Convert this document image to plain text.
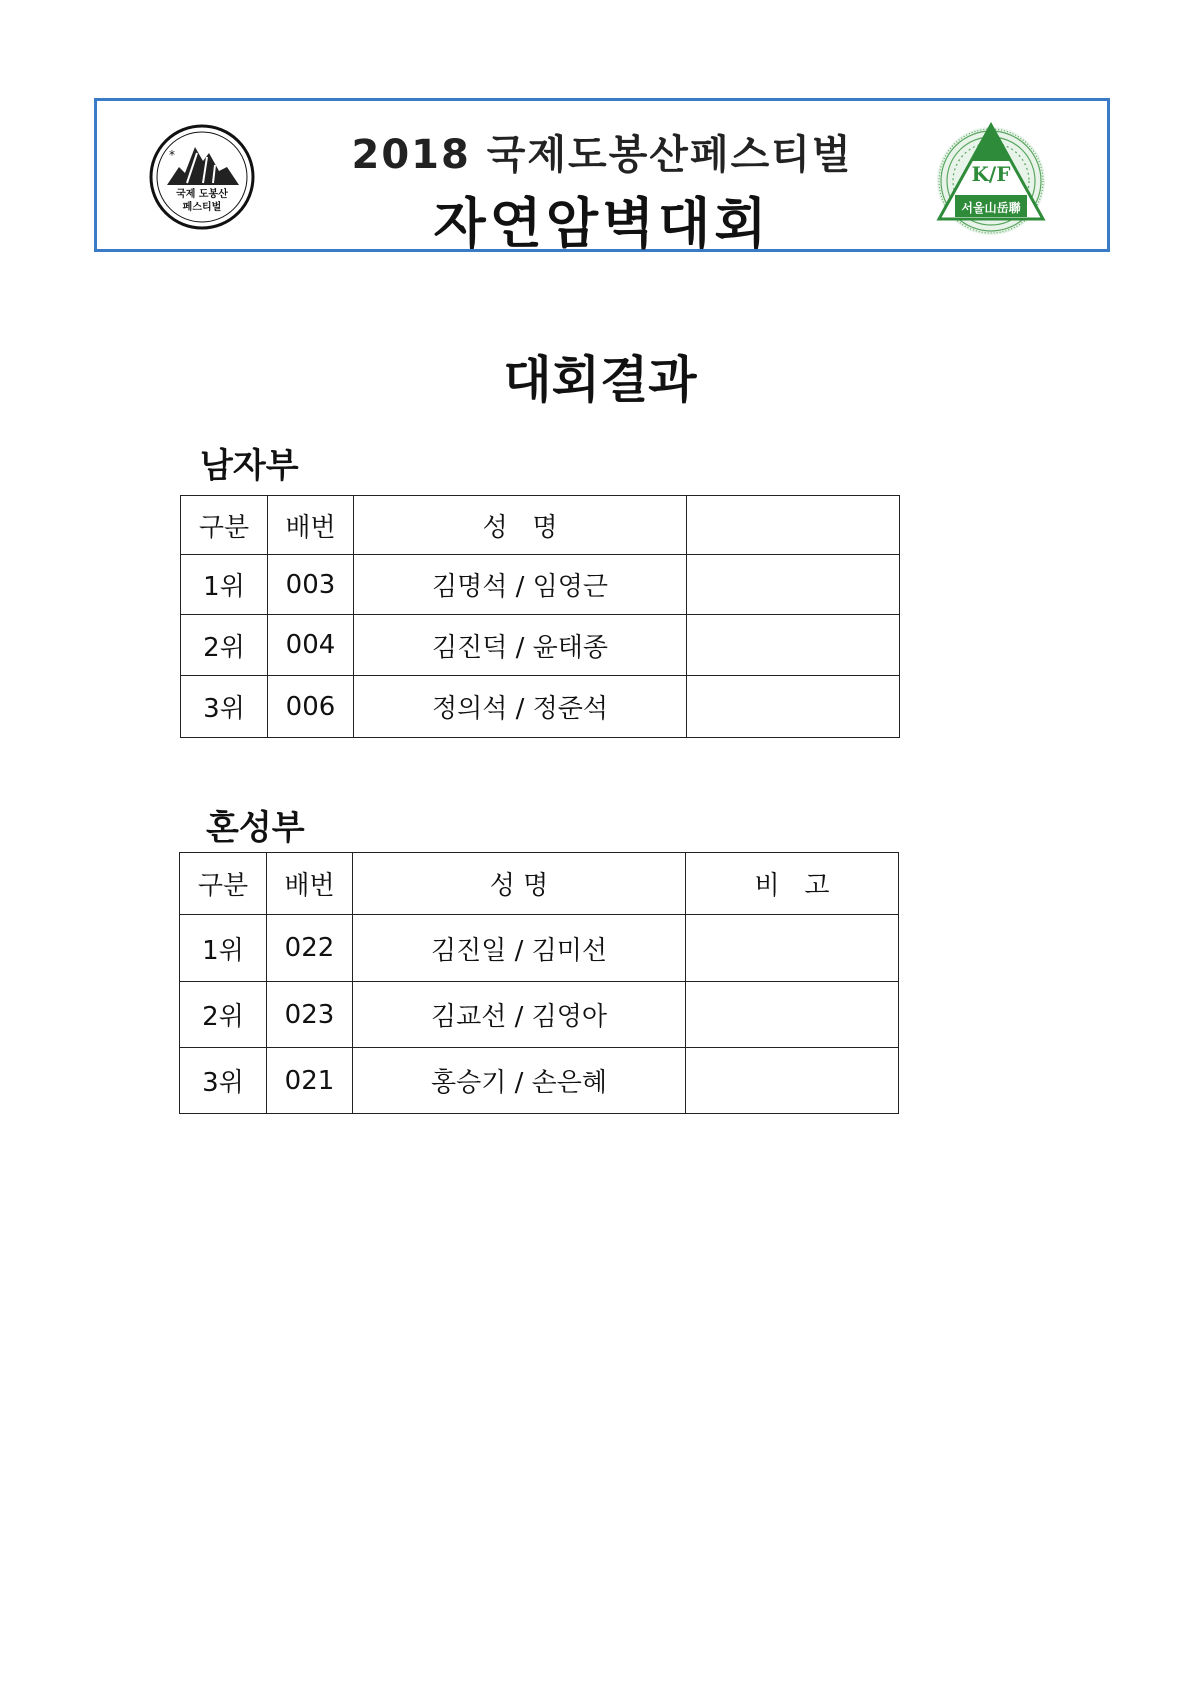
*
국제 도봉산
페스티벌
2018 국제도봉산페스티벌
자연암벽대회
K/F
서울山岳聯
대회결과
남자부
구분	배번	성   명	
1위	003	김명석 / 임영근	
2위	004	김진덕 / 윤태종	
3위	006	정의석 / 정준석	
혼성부
구분	배번	성 명	비   고
1위	022	김진일 / 김미선	
2위	023	김교선 / 김영아	
3위	021	홍승기 / 손은혜	
